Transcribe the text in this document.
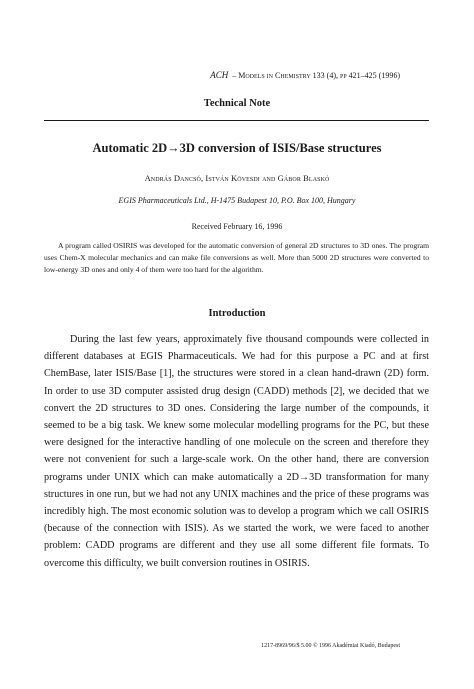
ACH – Models in Chemistry 133 (4), pp 421–425 (1996)
Technical Note
Automatic 2D→3D conversion of ISIS/Base structures
András Dancsó, István Kövesdi and Gábor Blaskó
EGIS Pharmaceuticals Ltd., H-1475 Budapest 10, P.O. Box 100, Hungary
Received February 16, 1996

A program called OSIRIS was developed for the automatic conversion of general 2D structures to 3D ones. The program uses Chem-X molecular mechanics and can make file conversions as well. More than 5000 2D structures were converted to low-energy 3D ones and only 4 of them were too hard for the algorithm.

Introduction

During the last few years, approximately five thousand compounds were collected in different databases at EGIS Pharmaceuticals. We had for this purpose a PC and at first ChemBase, later ISIS/Base [1], the structures were stored in a clean hand-drawn (2D) form. In order to use 3D computer assisted drug design (CADD) methods [2], we decided that we convert the 2D structures to 3D ones. Considering the large number of the compounds, it seemed to be a big task. We knew some molecular modelling programs for the PC, but these were designed for the interactive handling of one molecule on the screen and therefore they were not convenient for such a large-scale work. On the other hand, there are conversion programs under UNIX which can make automatically a 2D→3D transformation for many structures in one run, but we had not any UNIX machines and the price of these programs was incredibly high. The most economic solution was to develop a program which we call OSIRIS (because of the connection with ISIS). As we started the work, we were faced to another problem: CADD programs are different and they use all some different file formats. To overcome this difficulty, we built conversion routines in OSIRIS.

1217-8969/96/$ 5.00 © 1996 Akadémiai Kiadó, Budapest
